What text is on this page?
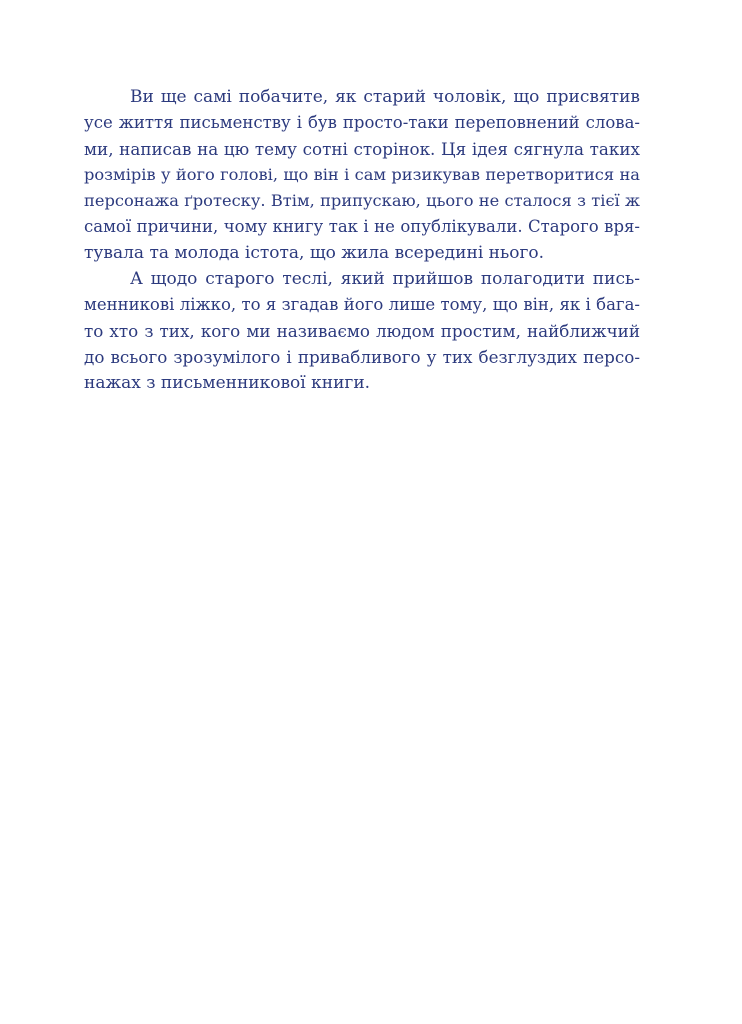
Ви ще самі побачите, як старий чоловік, що присвятив
усе життя письменству і був просто-таки переповнений слова-
ми, написав на цю тему сотні сторінок. Ця ідея сягнула таких
розмірів у його голові, що він і сам ризикував перетворитися на
персонажа ґротеску. Втім, припускаю, цього не сталося з тієї ж
самої причини, чому книгу так і не опублікували. Старого вря-
тувала та молода істота, що жила всередині нього.
А щодо старого теслі, який прийшов полагодити пись-
менникові ліжко, то я згадав його лише тому, що він, як і бага-
то хто з тих, кого ми називаємо людом простим, найближчий
до всього зрозумілого і привабливого у тих безглуздих персо-
нажах з письменникової книги.
